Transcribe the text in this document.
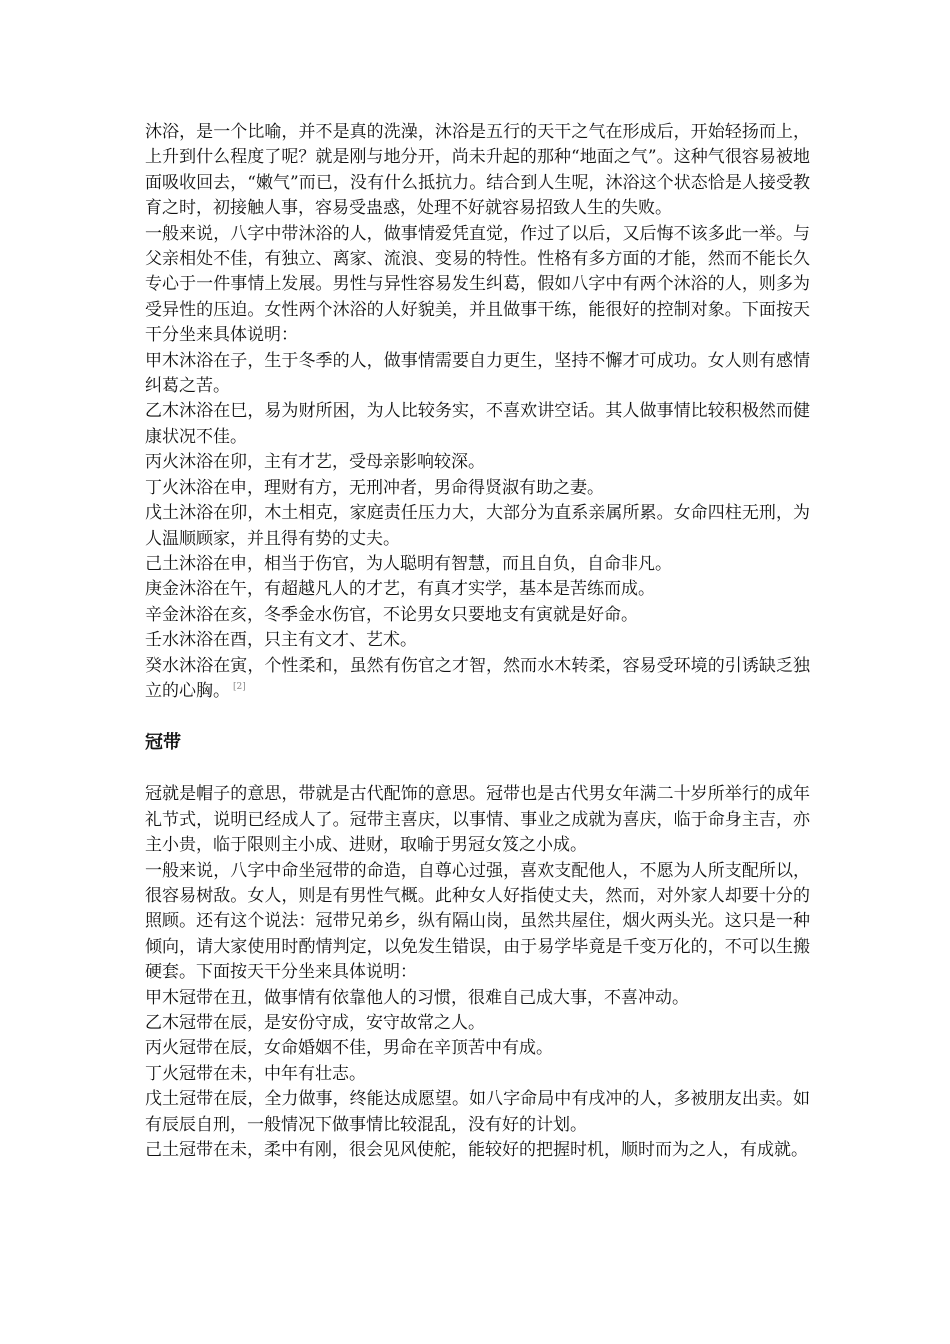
沐浴，是一个比喻，并不是真的洗澡，沐浴是五行的天干之气在形成后，开始轻扬而上，上升到什么程度了呢？就是刚与地分开，尚未升起的那种“地面之气”。这种气很容易被地面吸收回去，“嫩气”而已，没有什么抵抗力。结合到人生呢，沐浴这个状态恰是人接受教育之时，初接触人事，容易受蛊惑，处理不好就容易招致人生的失败。

一般来说，八字中带沐浴的人，做事情爱凭直觉，作过了以后，又后悔不该多此一举。与父亲相处不佳，有独立、离家、流浪、变易的特性。性格有多方面的才能，然而不能长久专心于一件事情上发展。男性与异性容易发生纠葛，假如八字中有两个沐浴的人，则多为受异性的压迫。女性两个沐浴的人好貌美，并且做事干练，能很好的控制对象。下面按天干分坐来具体说明：

甲木沐浴在子，生于冬季的人，做事情需要自力更生，坚持不懈才可成功。女人则有感情纠葛之苦。

乙木沐浴在巳，易为财所困，为人比较务实，不喜欢讲空话。其人做事情比较积极然而健康状况不佳。

丙火沐浴在卯，主有才艺，受母亲影响较深。

丁火沐浴在申，理财有方，无刑冲者，男命得贤淑有助之妻。

戊土沐浴在卯，木土相克，家庭责任压力大，大部分为直系亲属所累。女命四柱无刑，为人温顺顾家，并且得有势的丈夫。

己土沐浴在申，相当于伤官，为人聪明有智慧，而且自负，自命非凡。

庚金沐浴在午，有超越凡人的才艺，有真才实学，基本是苦练而成。

辛金沐浴在亥，冬季金水伤官，不论男女只要地支有寅就是好命。

壬水沐浴在酉，只主有文才、艺术。

癸水沐浴在寅，个性柔和，虽然有伤官之才智，然而水木转柔，容易受环境的引诱缺乏独立的心胸。 [2]

冠带

冠就是帽子的意思，带就是古代配饰的意思。冠带也是古代男女年满二十岁所举行的成年礼节式，说明已经成人了。冠带主喜庆，以事情、事业之成就为喜庆，临于命身主吉，亦主小贵，临于限则主小成、进财，取喻于男冠女笈之小成。

一般来说，八字中命坐冠带的命造，自尊心过强，喜欢支配他人，不愿为人所支配所以，很容易树敌。女人，则是有男性气概。此种女人好指使丈夫，然而，对外家人却要十分的照顾。还有这个说法：冠带兄弟乡，纵有隔山岗，虽然共屋住，烟火两头光。这只是一种倾向，请大家使用时酌情判定，以免发生错误，由于易学毕竟是千变万化的，不可以生搬硬套。下面按天干分坐来具体说明：

甲木冠带在丑，做事情有依靠他人的习惯，很难自己成大事，不喜冲动。

乙木冠带在辰，是安份守成，安守故常之人。

丙火冠带在辰，女命婚姻不佳，男命在辛顶苦中有成。

丁火冠带在未，中年有壮志。

戊土冠带在辰，全力做事，终能达成愿望。如八字命局中有戌冲的人，多被朋友出卖。如有辰辰自刑，一般情况下做事情比较混乱，没有好的计划。

己土冠带在未，柔中有刚，很会见风使舵，能较好的把握时机，顺时而为之人，有成就。
